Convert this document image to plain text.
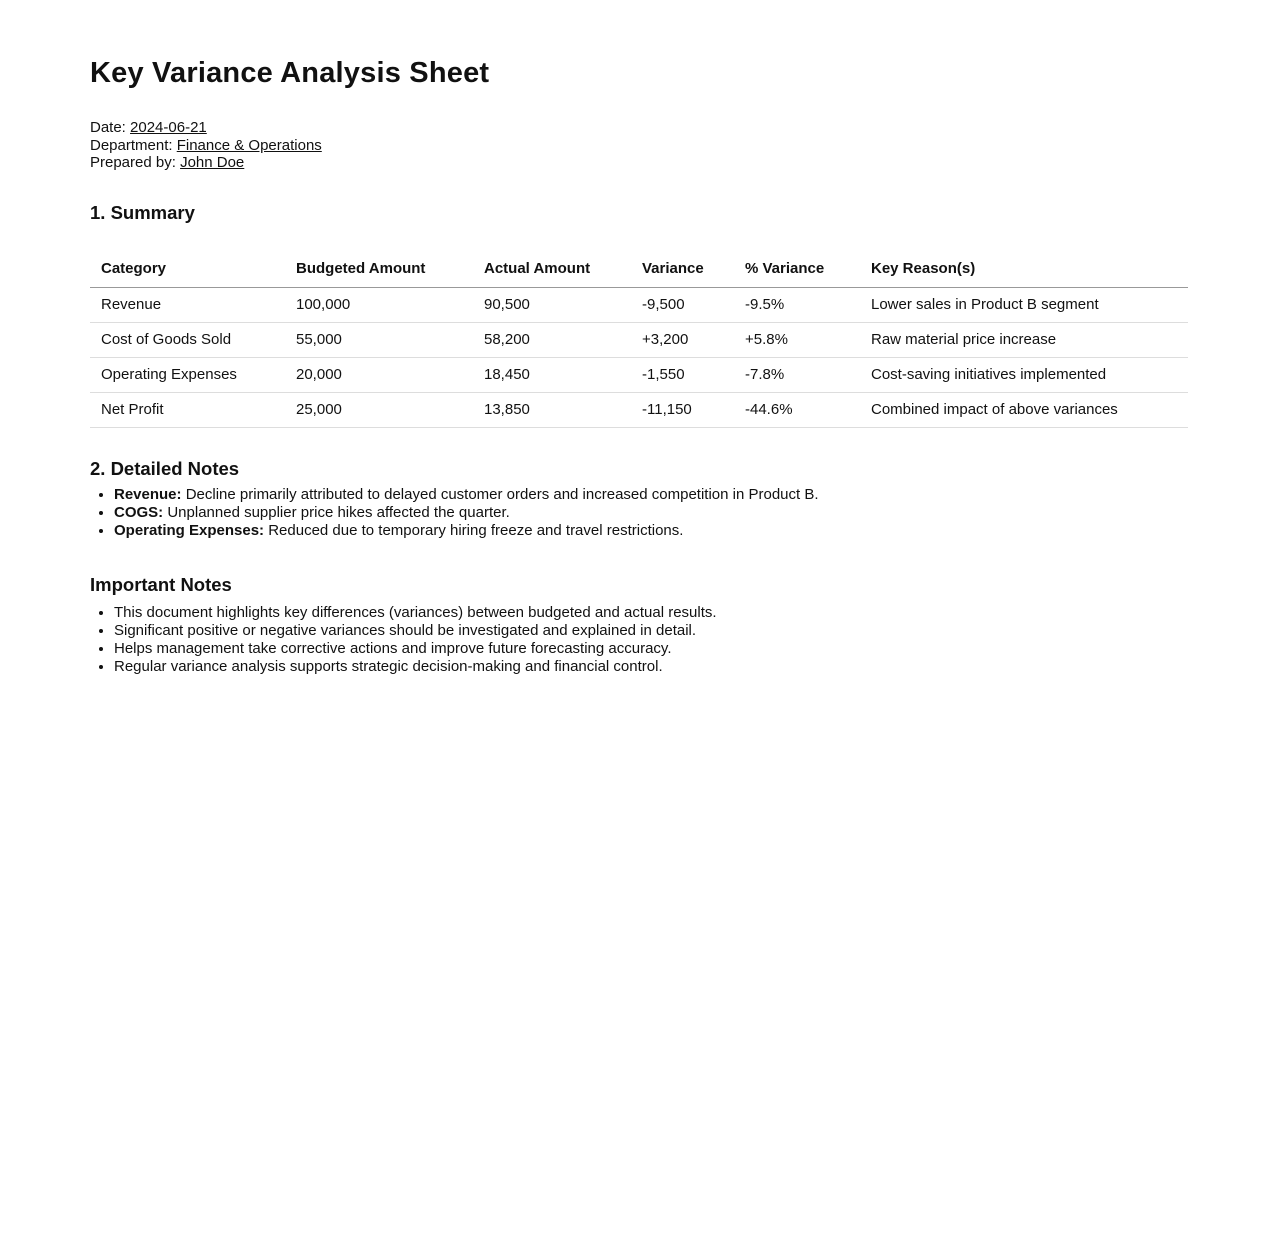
Key Variance Analysis Sheet
Date: 2024-06-21
Department: Finance & Operations
Prepared by: John Doe
1. Summary
Category	Budgeted Amount	Actual Amount	Variance	% Variance	Key Reason(s)
Revenue	100,000	90,500	-9,500	-9.5%	Lower sales in Product B segment
Cost of Goods Sold	55,000	58,200	+3,200	+5.8%	Raw material price increase
Operating Expenses	20,000	18,450	-1,550	-7.8%	Cost-saving initiatives implemented
Net Profit	25,000	13,850	-11,150	-44.6%	Combined impact of above variances
2. Detailed Notes
• Revenue: Decline primarily attributed to delayed customer orders and increased competition in Product B.
• COGS: Unplanned supplier price hikes affected the quarter.
• Operating Expenses: Reduced due to temporary hiring freeze and travel restrictions.
Important Notes
• This document highlights key differences (variances) between budgeted and actual results.
• Significant positive or negative variances should be investigated and explained in detail.
• Helps management take corrective actions and improve future forecasting accuracy.
• Regular variance analysis supports strategic decision-making and financial control.
